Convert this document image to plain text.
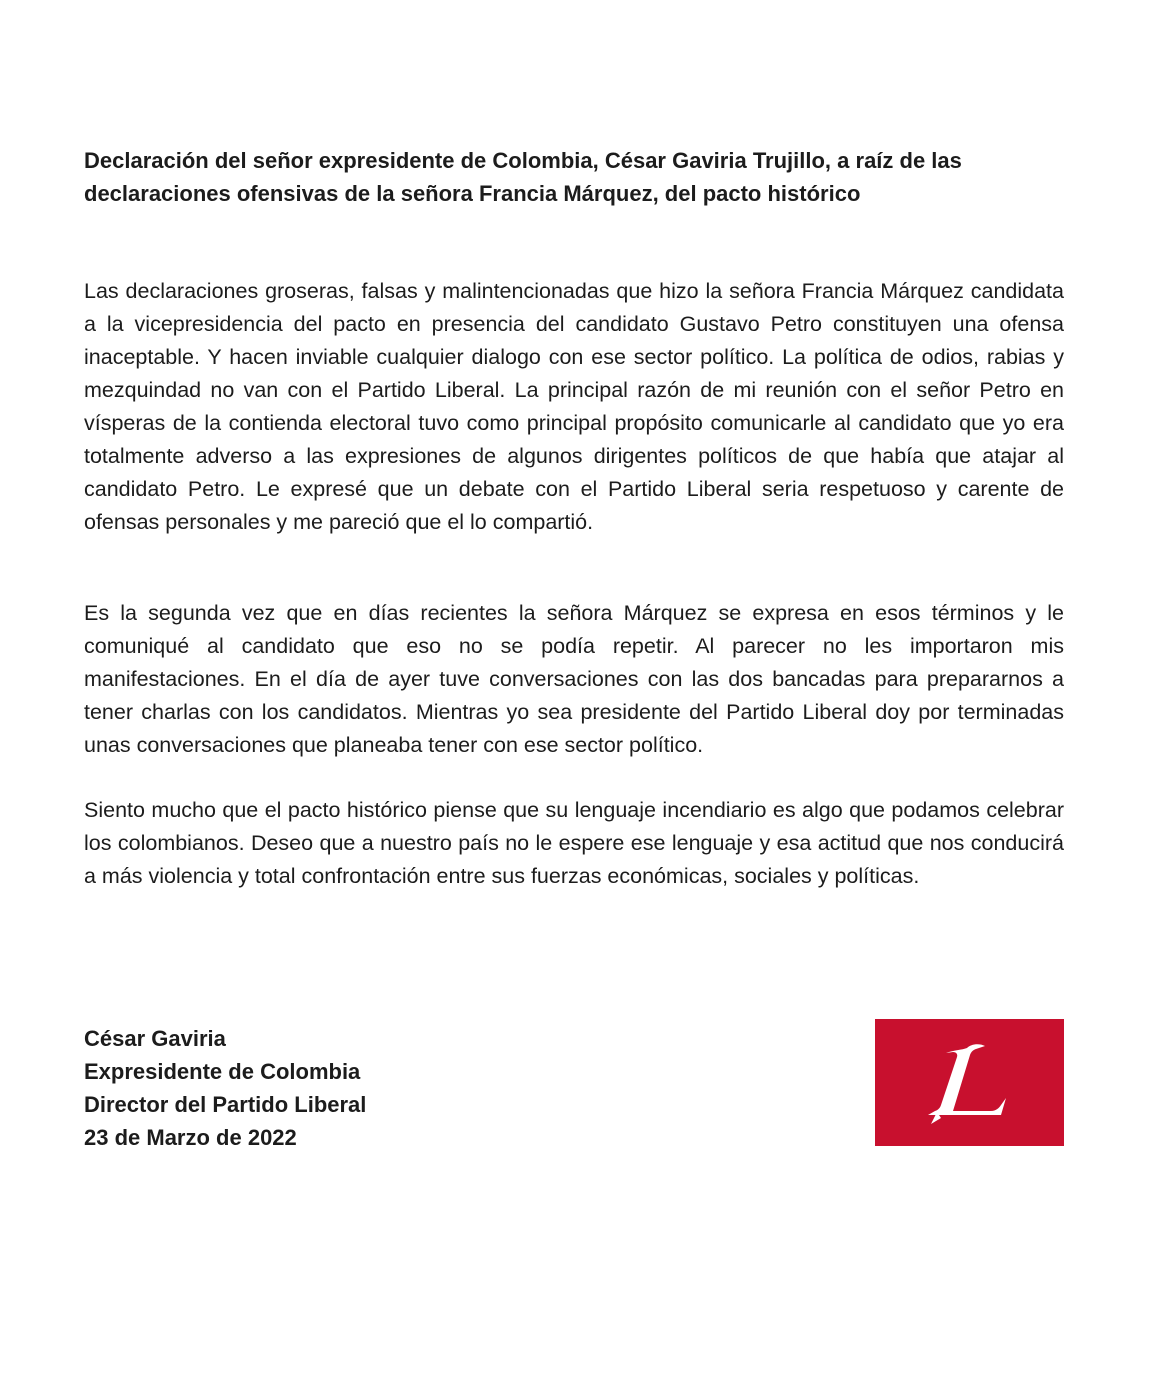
Declaración del señor expresidente de Colombia, César Gaviria Trujillo, a raíz de las declaraciones ofensivas de la señora Francia Márquez, del pacto histórico

Las declaraciones groseras, falsas y malintencionadas que hizo la señora Francia Márquez candidata a la vicepresidencia del pacto en presencia del candidato Gustavo Petro constituyen una ofensa inaceptable. Y hacen inviable cualquier dialogo con ese sector político. La política de odios, rabias y mezquindad no van con el Partido Liberal. La principal razón de mi reunión con el señor Petro en vísperas de la contienda electoral tuvo como principal propósito comunicarle al candidato que yo era totalmente adverso a las expresiones de algunos dirigentes políticos de que había que atajar al candidato Petro. Le expresé que un debate con el Partido Liberal seria respetuoso y carente de ofensas personales y me pareció que el lo compartió.

Es la segunda vez que en días recientes la señora Márquez se expresa en esos términos y le comuniqué al candidato que eso no se podía repetir. Al parecer no les importaron mis manifestaciones. En el día de ayer tuve conversaciones con las dos bancadas para prepararnos a tener charlas con los candidatos. Mientras yo sea presidente del Partido Liberal doy por terminadas unas conversaciones que planeaba tener con ese sector político.

Siento mucho que el pacto histórico piense que su lenguaje incendiario es algo que podamos celebrar los colombianos. Deseo que a nuestro país no le espere ese lenguaje y esa actitud que nos conducirá a más violencia y total confrontación entre sus fuerzas económicas, sociales y políticas.

César Gaviria
Expresidente de Colombia
Director del Partido Liberal
23 de Marzo de 2022
